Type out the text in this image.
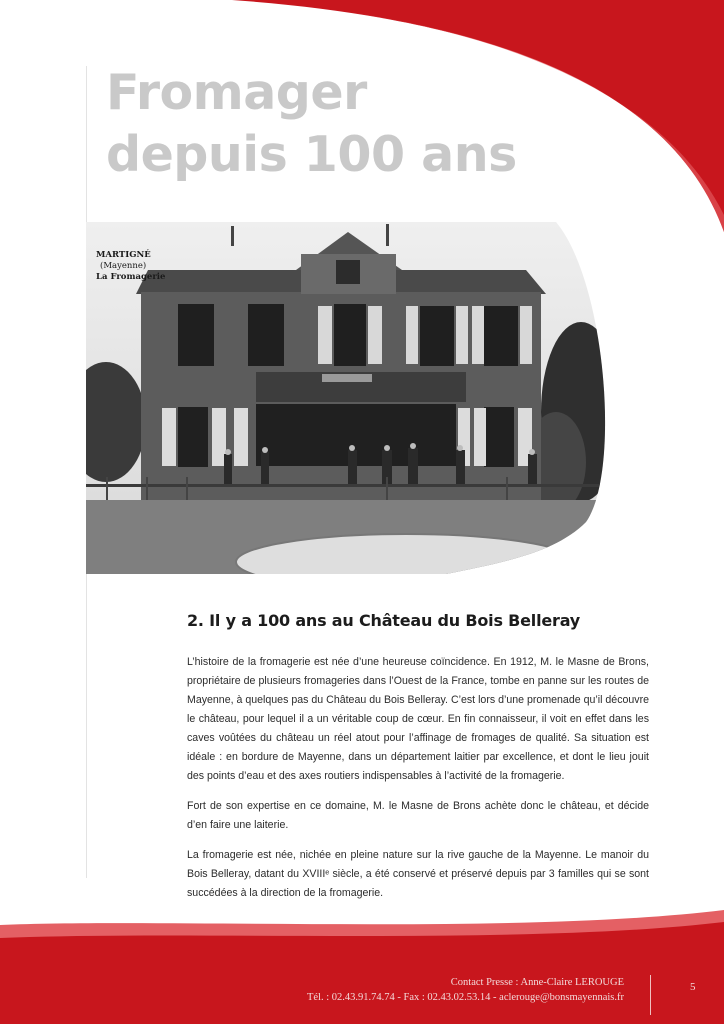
Fromager
depuis 100 ans
MARTIGNÉ
(Mayenne)
La Fromagerie
2. Il y a 100 ans au Château du Bois Belleray

L’histoire de la fromagerie est née d’une heureuse coïncidence. En 1912, M. le Masne de Brons, propriétaire de plusieurs fromageries dans l’Ouest de la France, tombe en panne sur les routes de Mayenne, à quelques pas du Château du Bois Belleray. C’est lors d’une promenade qu’il découvre le château, pour lequel il a un véritable coup de cœur. En fin connaisseur, il voit en effet dans les caves voûtées du château un réel atout pour l’affinage de fromages de qualité. Sa situation est idéale : en bordure de Mayenne, dans un département laitier par excellence, et dont le lieu jouit des points d’eau et des axes routiers indispensables à l’activité de la fromagerie.

Fort de son expertise en ce domaine, M. le Masne de Brons achète donc le château, et décide d’en faire une laiterie.

La fromagerie est née, nichée en pleine nature sur la rive gauche de la Mayenne. Le manoir du Bois Belleray, datant du XVIIIᵉ siècle, a été conservé et préservé depuis par 3 familles qui se sont succédées à la direction de la fromagerie.

Contact Presse : Anne-Claire LEROUGE
Tél. : 02.43.91.74.74 - Fax : 02.43.02.53.14 - aclerouge@bonsmayennais.fr
5
